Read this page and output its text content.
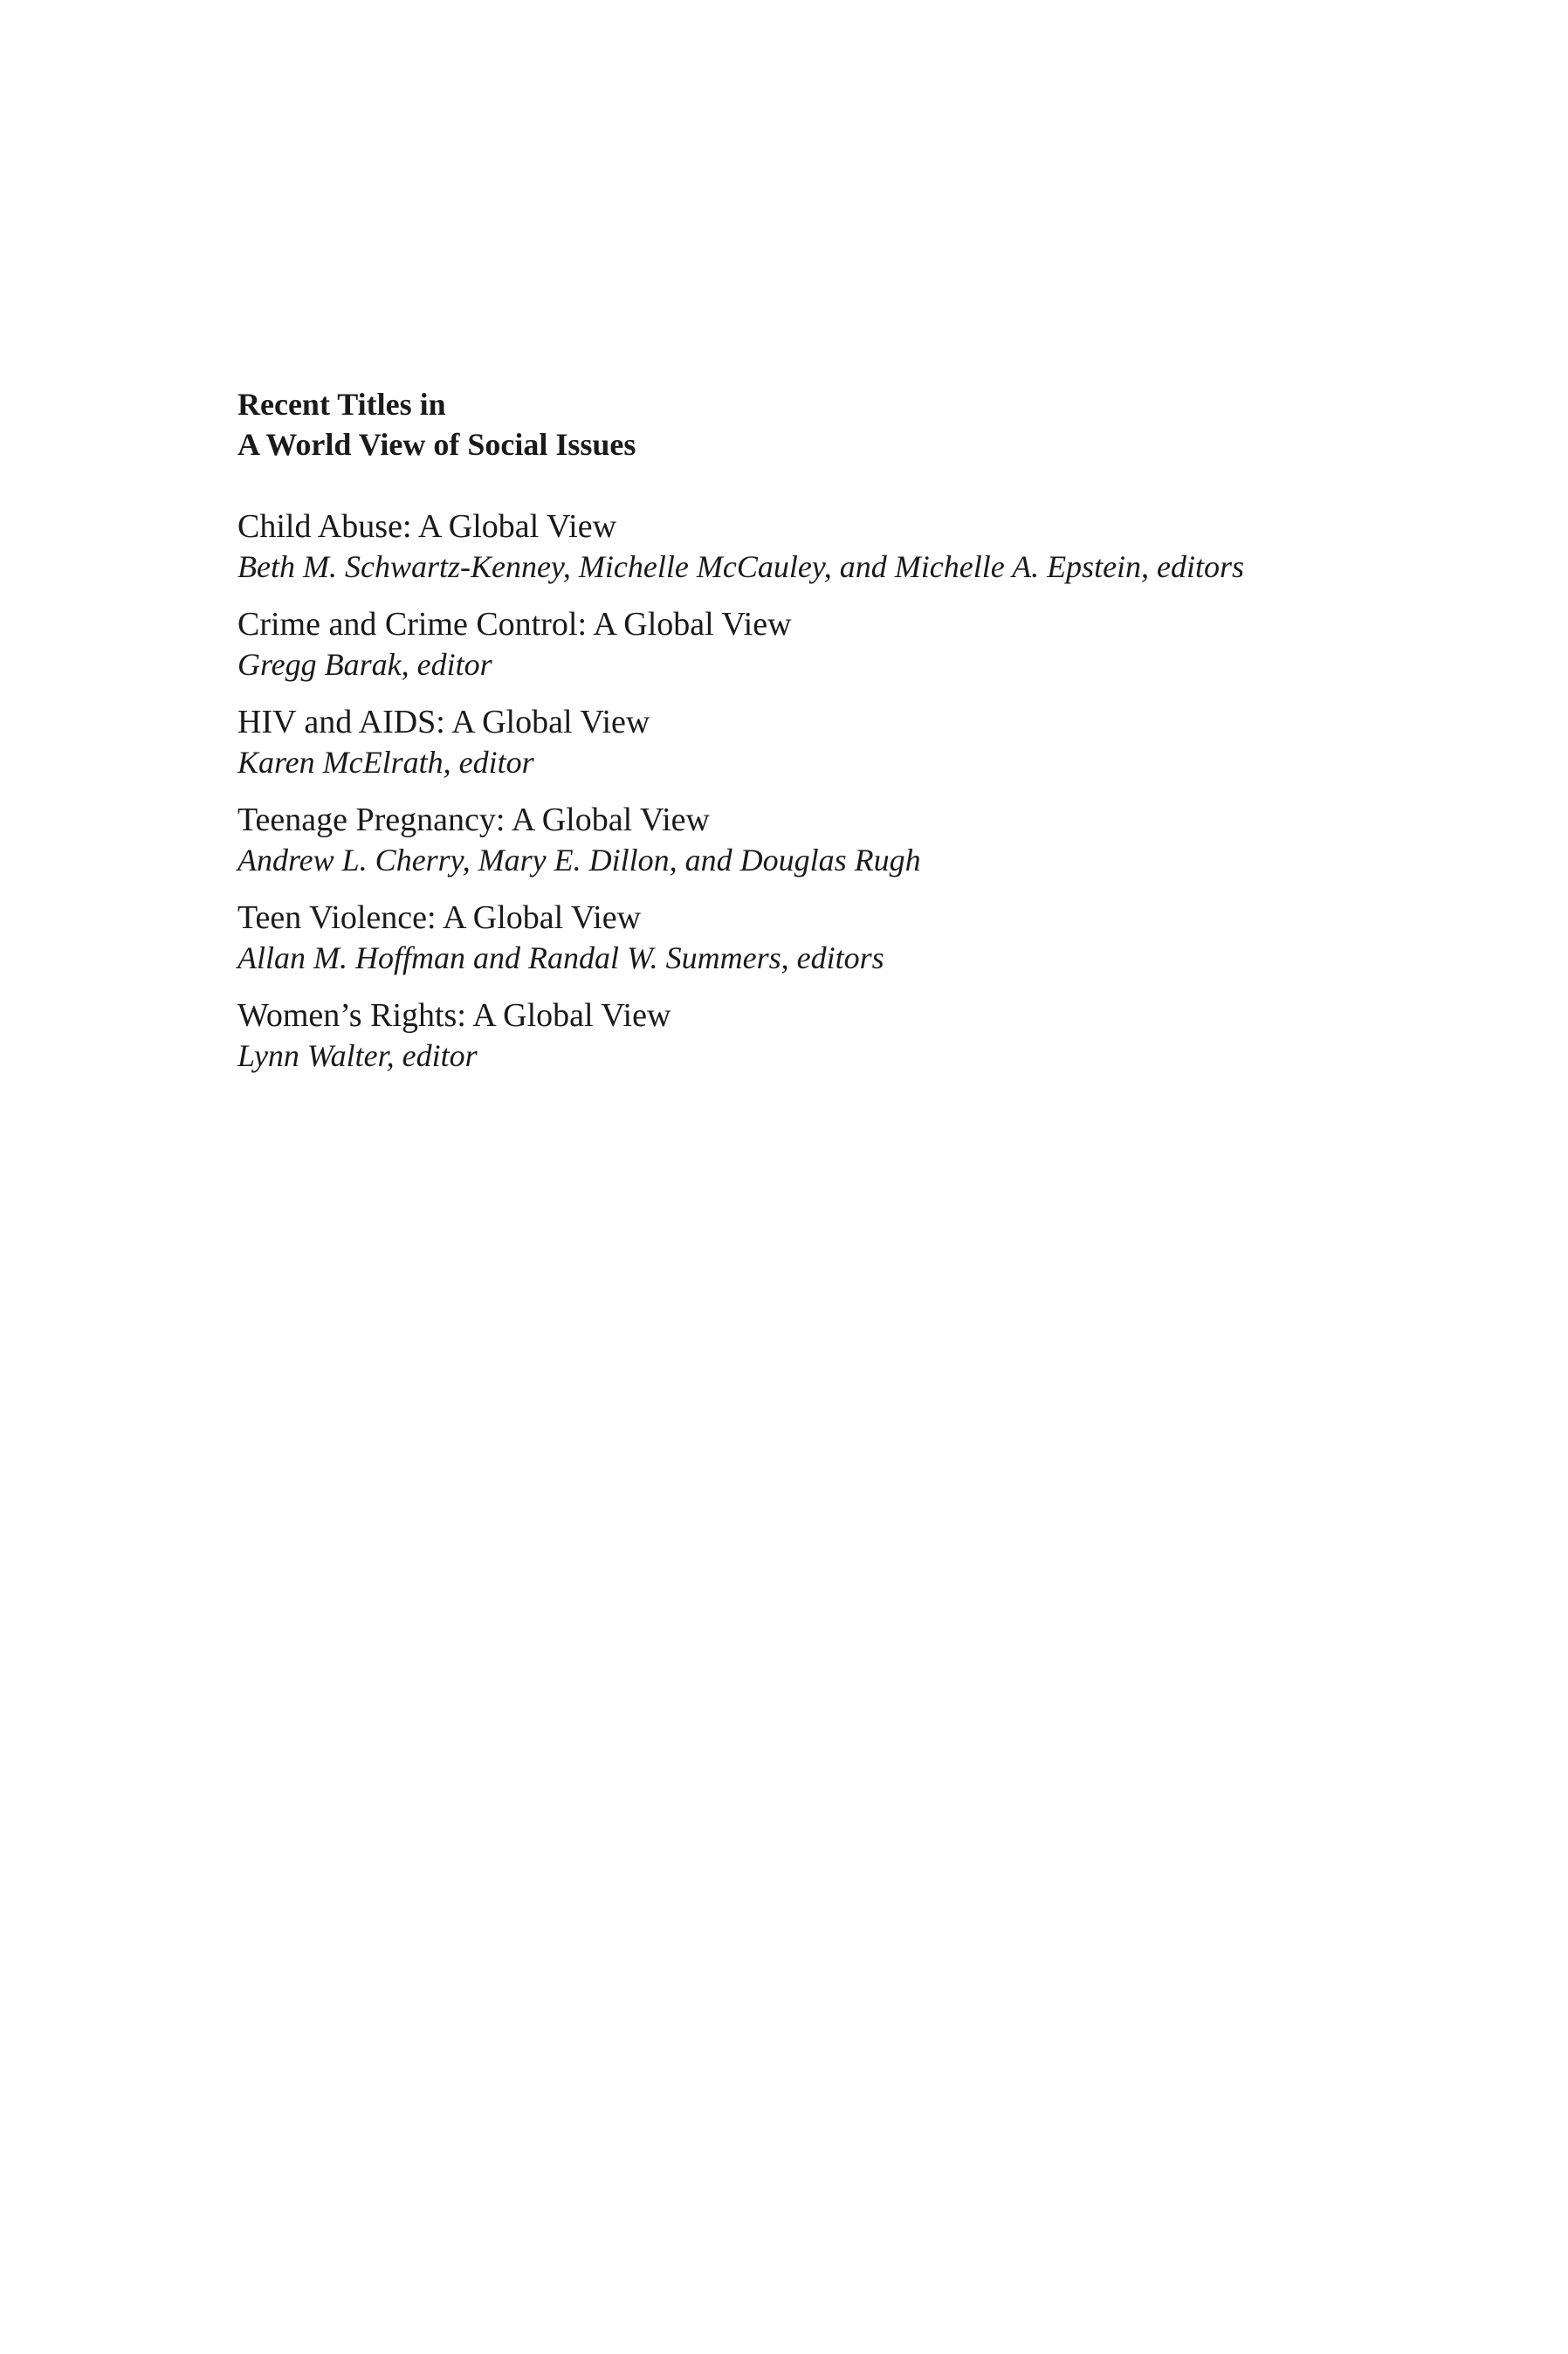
Recent Titles in
A World View of Social Issues
Child Abuse: A Global View
Beth M. Schwartz-Kenney, Michelle McCauley, and Michelle A. Epstein, editors
Crime and Crime Control: A Global View
Gregg Barak, editor
HIV and AIDS: A Global View
Karen McElrath, editor
Teenage Pregnancy: A Global View
Andrew L. Cherry, Mary E. Dillon, and Douglas Rugh
Teen Violence: A Global View
Allan M. Hoffman and Randal W. Summers, editors
Women’s Rights: A Global View
Lynn Walter, editor
